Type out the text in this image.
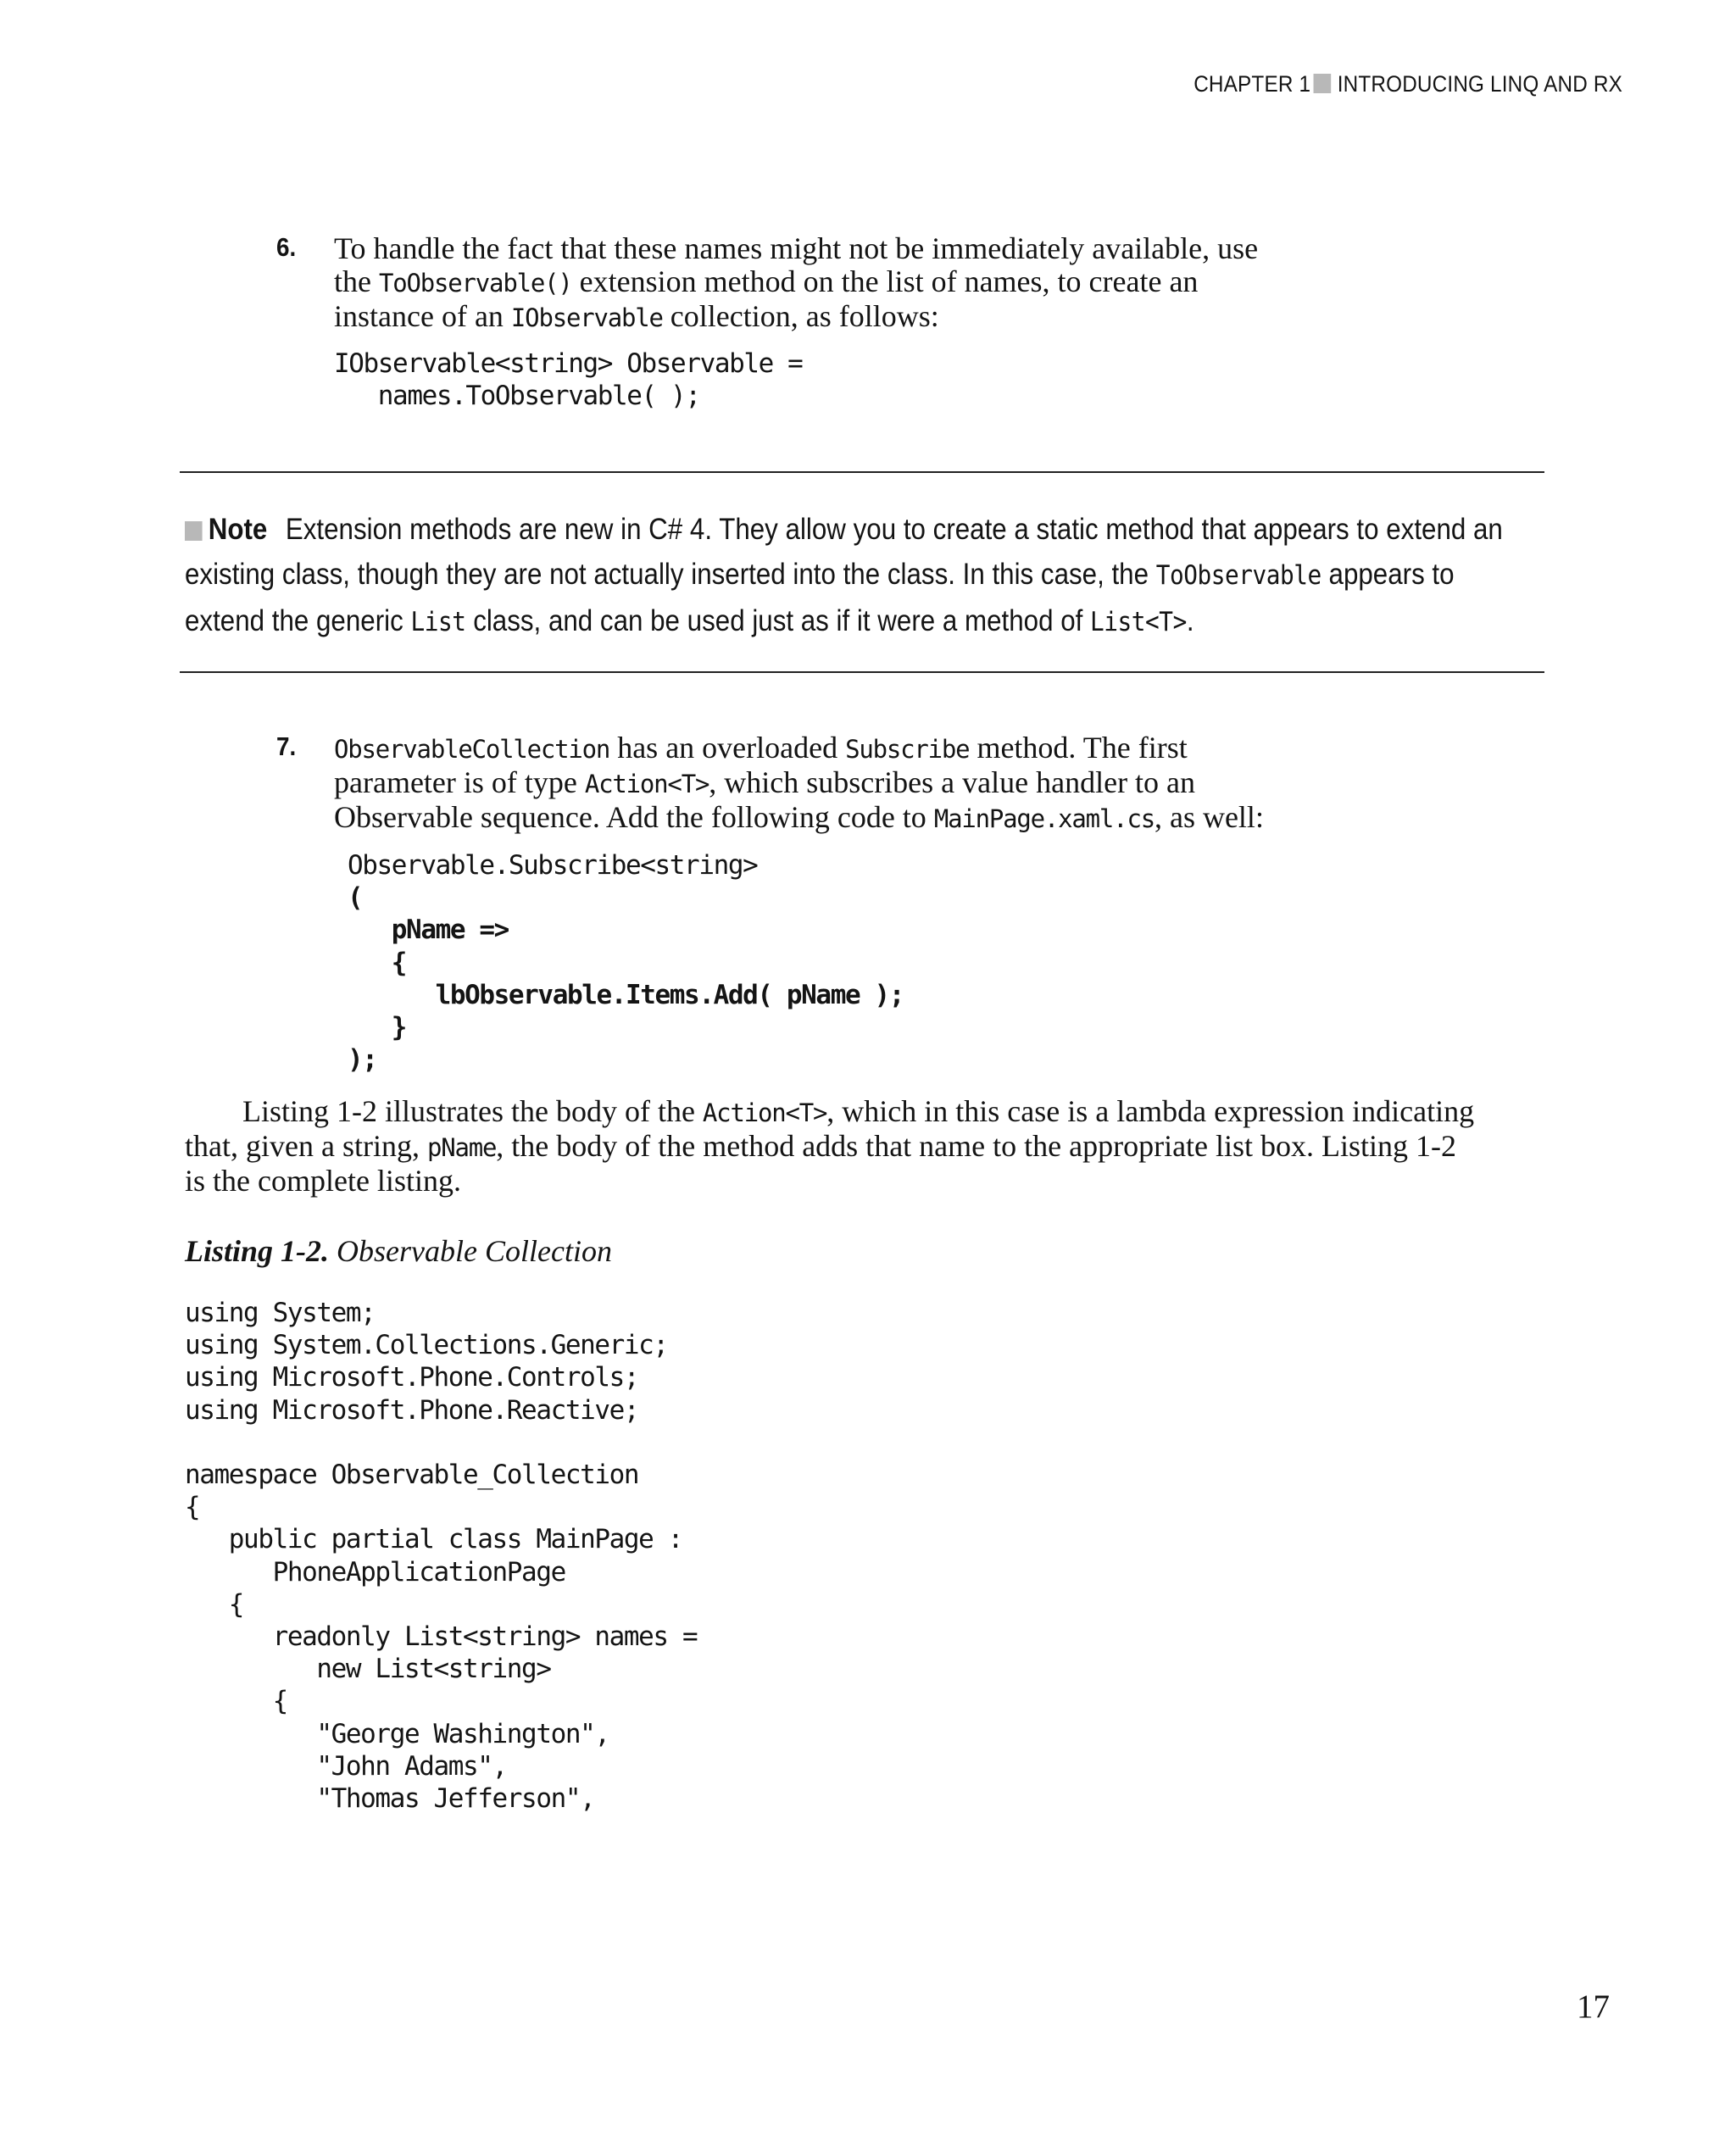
CHAPTER 1 INTRODUCING LINQ AND RX
6. To handle the fact that these names might not be immediately available, use
the ToObservable() extension method on the list of names, to create an
instance of an IObservable collection, as follows:
IObservable<string> Observable =
names.ToObservable( );
Note Extension methods are new in C# 4. They allow you to create a static method that appears to extend an
existing class, though they are not actually inserted into the class. In this case, the ToObservable appears to
extend the generic List class, and can be used just as if it were a method of List<T>.
7. ObservableCollection has an overloaded Subscribe method. The first
parameter is of type Action<T>, which subscribes a value handler to an
Observable sequence. Add the following code to MainPage.xaml.cs, as well:
Observable.Subscribe<string>
(
pName =>
{
lbObservable.Items.Add( pName );
}
);
Listing 1-2 illustrates the body of the Action<T>, which in this case is a lambda expression indicating
that, given a string, pName, the body of the method adds that name to the appropriate list box. Listing 1-2
is the complete listing.
Listing 1-2. Observable Collection
using System;
using System.Collections.Generic;
using Microsoft.Phone.Controls;
using Microsoft.Phone.Reactive;
namespace Observable_Collection
{
public partial class MainPage :
PhoneApplicationPage
{
readonly List<string> names =
new List<string>
{
"George Washington",
"John Adams",
"Thomas Jefferson",
17
